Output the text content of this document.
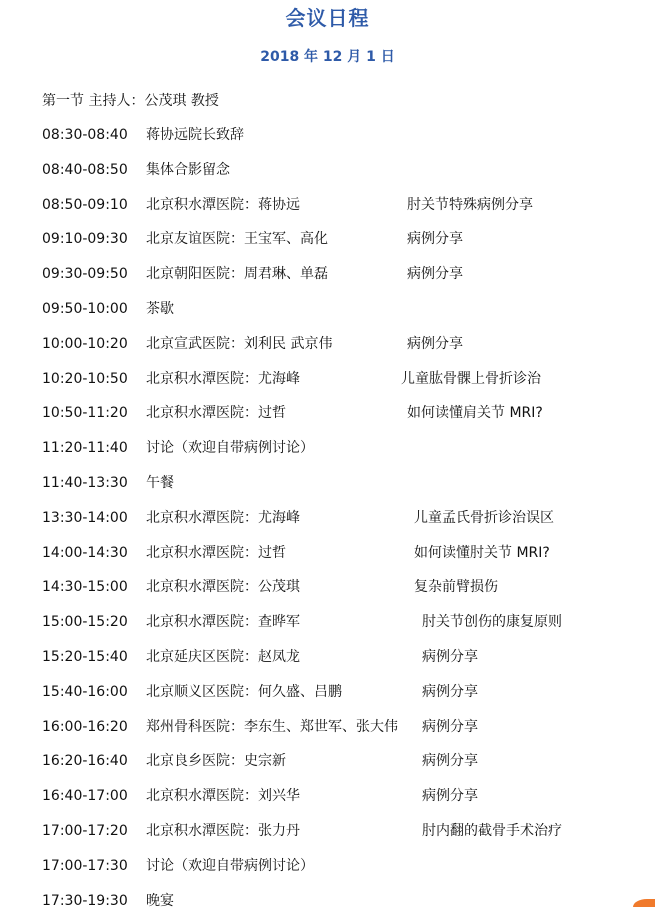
会议日程
2018 年 12 月 1 日
第一节 主持人：公茂琪 教授
08:30-08:40 蒋协远院长致辞
08:40-08:50 集体合影留念
08:50-09:10 北京积水潭医院：蒋协远	肘关节特殊病例分享
09:10-09:30 北京友谊医院：王宝军、高化	病例分享
09:30-09:50 北京朝阳医院：周君琳、单磊	病例分享
09:50-10:00 茶歇
10:00-10:20 北京宣武医院：刘利民 武京伟	病例分享
10:20-10:50 北京积水潭医院：尤海峰	儿童肱骨髁上骨折诊治
10:50-11:20 北京积水潭医院：过哲	如何读懂肩关节 MRI?
11:20-11:40 讨论（欢迎自带病例讨论）
11:40-13:30 午餐
13:30-14:00 北京积水潭医院：尤海峰	儿童孟氏骨折诊治误区
14:00-14:30 北京积水潭医院：过哲	如何读懂肘关节 MRI?
14:30-15:00 北京积水潭医院：公茂琪	复杂前臂损伤
15:00-15:20 北京积水潭医院：查晔军	肘关节创伤的康复原则
15:20-15:40 北京延庆区医院：赵凤龙	病例分享
15:40-16:00 北京顺义区医院：何久盛、吕鹏	病例分享
16:00-16:20 郑州骨科医院：李东生、郑世军、张大伟 病例分享
16:20-16:40 北京良乡医院：史宗新	病例分享
16:40-17:00 北京积水潭医院：刘兴华	病例分享
17:00-17:20 北京积水潭医院：张力丹	肘内翻的截骨手术治疗
17:00-17:30 讨论（欢迎自带病例讨论）
17:30-19:30 晚宴
